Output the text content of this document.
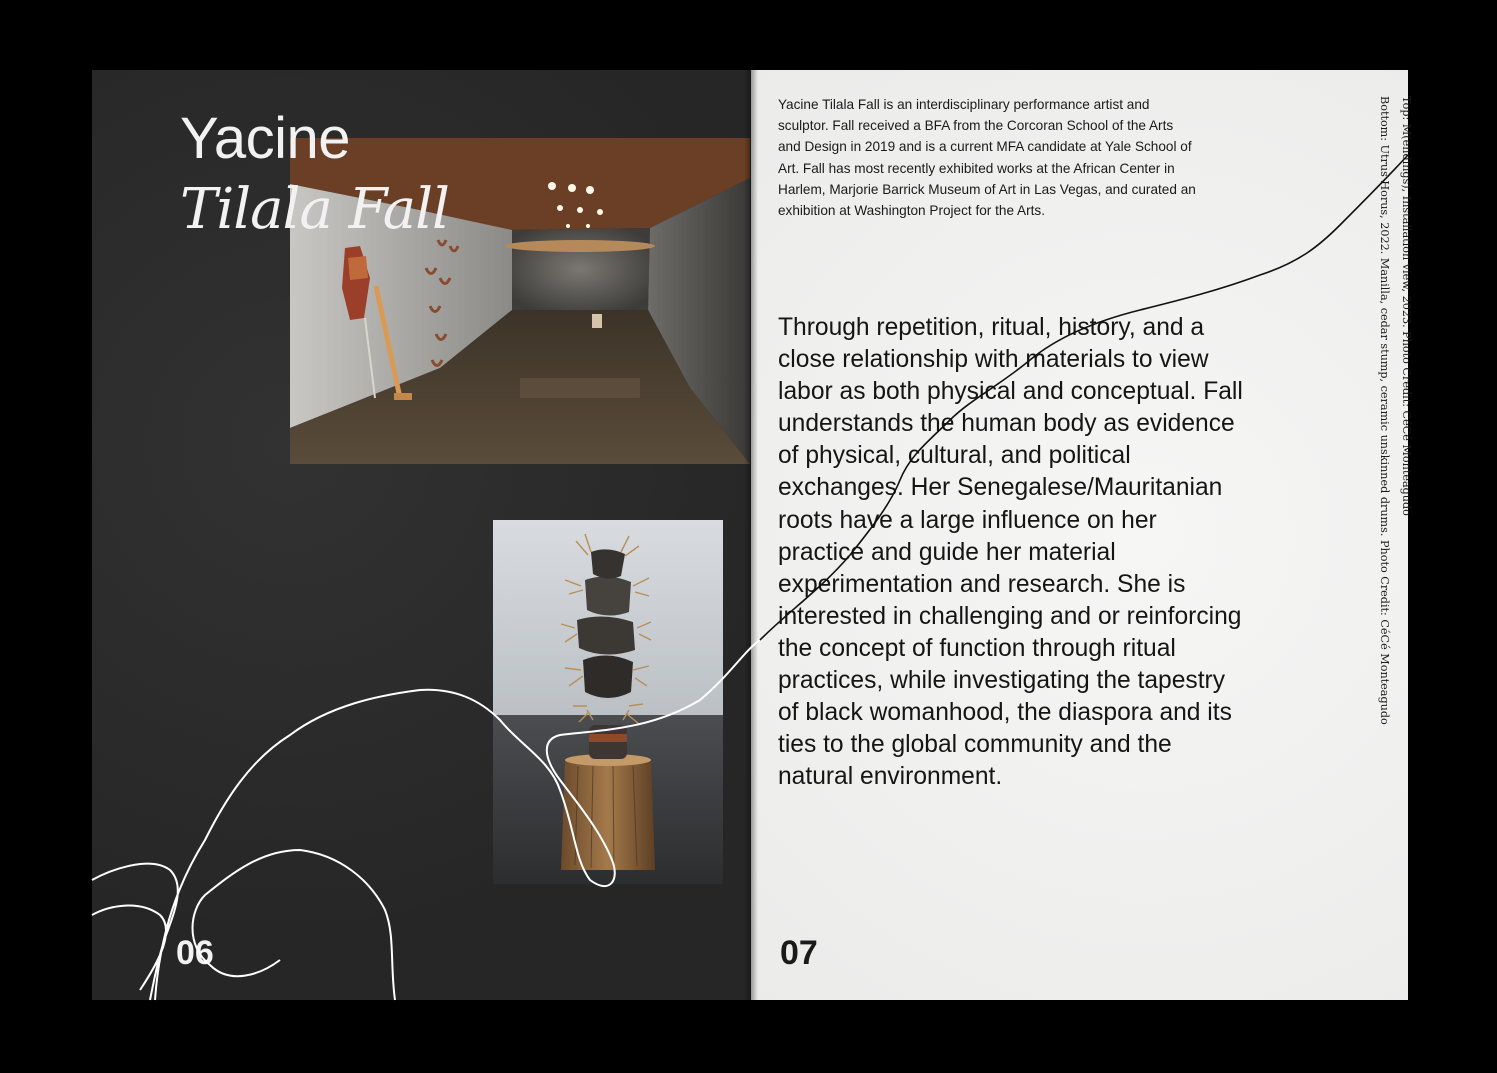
Yacine
Tilala Fall
06
Yacine Tilala Fall is an interdisciplinary performance artist and sculptor. Fall received a BFA from the Corcoran School of the Arts and Design in 2019 and is a current MFA candidate at Yale School of Art. Fall has most recently exhibited works at the African Center in Harlem, Marjorie Barrick Museum of Art in Las Vegas, and curated an exhibition at Washington Project for the Arts.
Through repetition, ritual, history, and a close relationship with materials to view labor as both physical and conceptual. Fall understands the human body as evidence of physical, cultural, and political exchanges. Her Senegalese/Mauritanian roots have a large influence on her practice and guide her material experimentation and research. She is interested in challenging and or reinforcing the concept of function through ritual practices, while investigating the tapestry of black womanhood, the diaspora and its ties to the global community and the natural environment.
07
Top: M(endings), Installation view, 2023. Photo Credit: CéCé Monteagudo
Bottom: Utrus Horus, 2022. Manilla, cedar stump, ceramic unskinned drums. Photo Credit: CéCé Monteagudo
